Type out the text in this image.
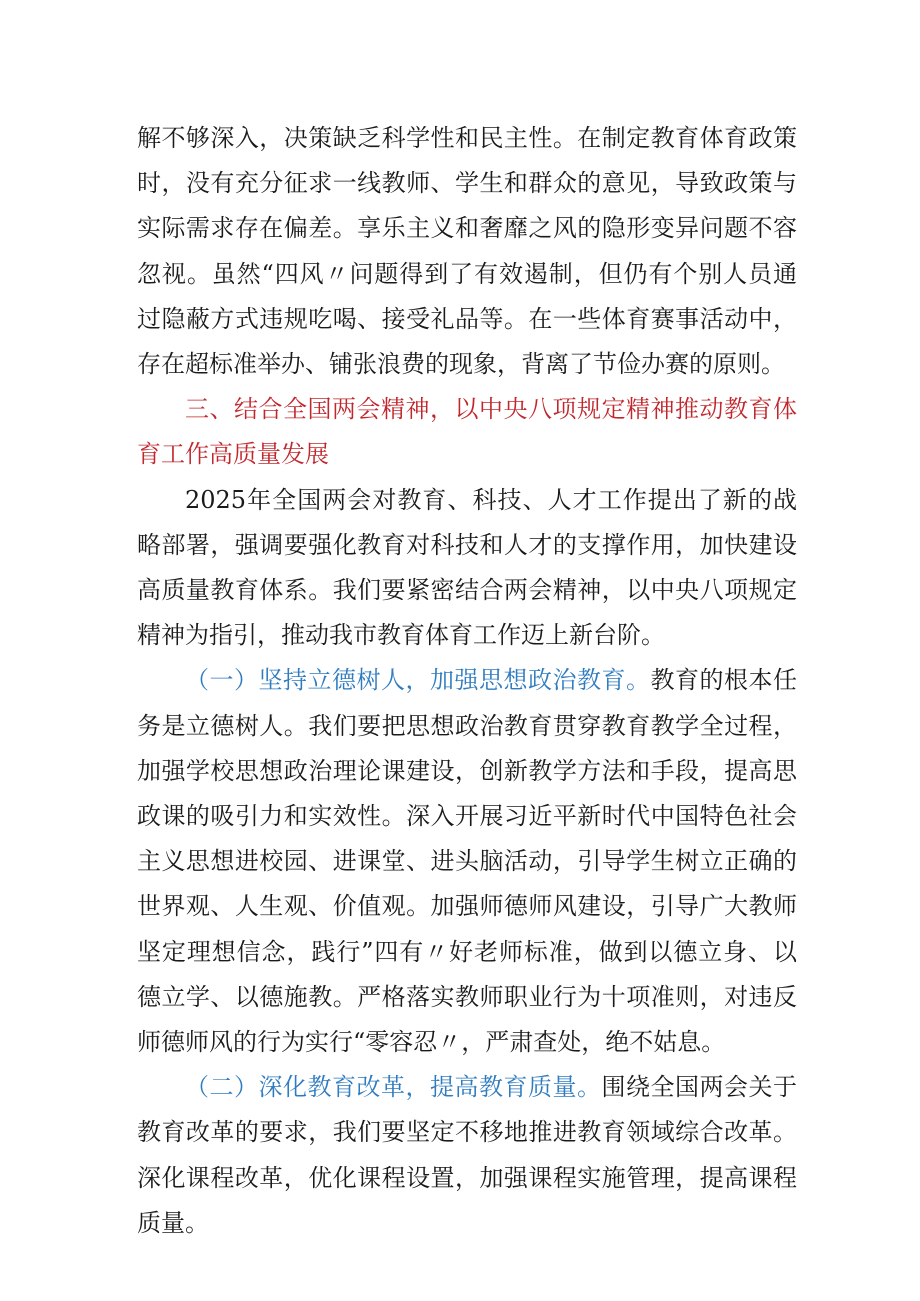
解不够深入，决策缺乏科学性和民主性。在制定教育体育政策时，没有充分征求一线教师、学生和群众的意见，导致政策与实际需求存在偏差。享乐主义和奢靡之风的隐形变异问题不容忽视。虽然“四风〃问题得到了有效遏制，但仍有个别人员通过隐蔽方式违规吃喝、接受礼品等。在一些体育赛事活动中，存在超标准举办、铺张浪费的现象，背离了节俭办赛的原则。

三、结合全国两会精神，以中央八项规定精神推动教育体育工作高质量发展

2025年全国两会对教育、科技、人才工作提出了新的战略部署，强调要强化教育对科技和人才的支撑作用，加快建设高质量教育体系。我们要紧密结合两会精神，以中央八项规定精神为指引，推动我市教育体育工作迈上新台阶。

（一）坚持立德树人，加强思想政治教育。教育的根本任务是立德树人。我们要把思想政治教育贯穿教育教学全过程，加强学校思想政治理论课建设，创新教学方法和手段，提高思政课的吸引力和实效性。深入开展习近平新时代中国特色社会主义思想进校园、进课堂、进头脑活动，引导学生树立正确的世界观、人生观、价值观。加强师德师风建设，引导广大教师坚定理想信念，践行”四有〃好老师标准，做到以德立身、以德立学、以德施教。严格落实教师职业行为十项准则，对违反师德师风的行为实行“零容忍〃，严肃查处，绝不姑息。

（二）深化教育改革，提高教育质量。围绕全国两会关于教育改革的要求，我们要坚定不移地推进教育领域综合改革。深化课程改革，优化课程设置，加强课程实施管理，提高课程质量。
